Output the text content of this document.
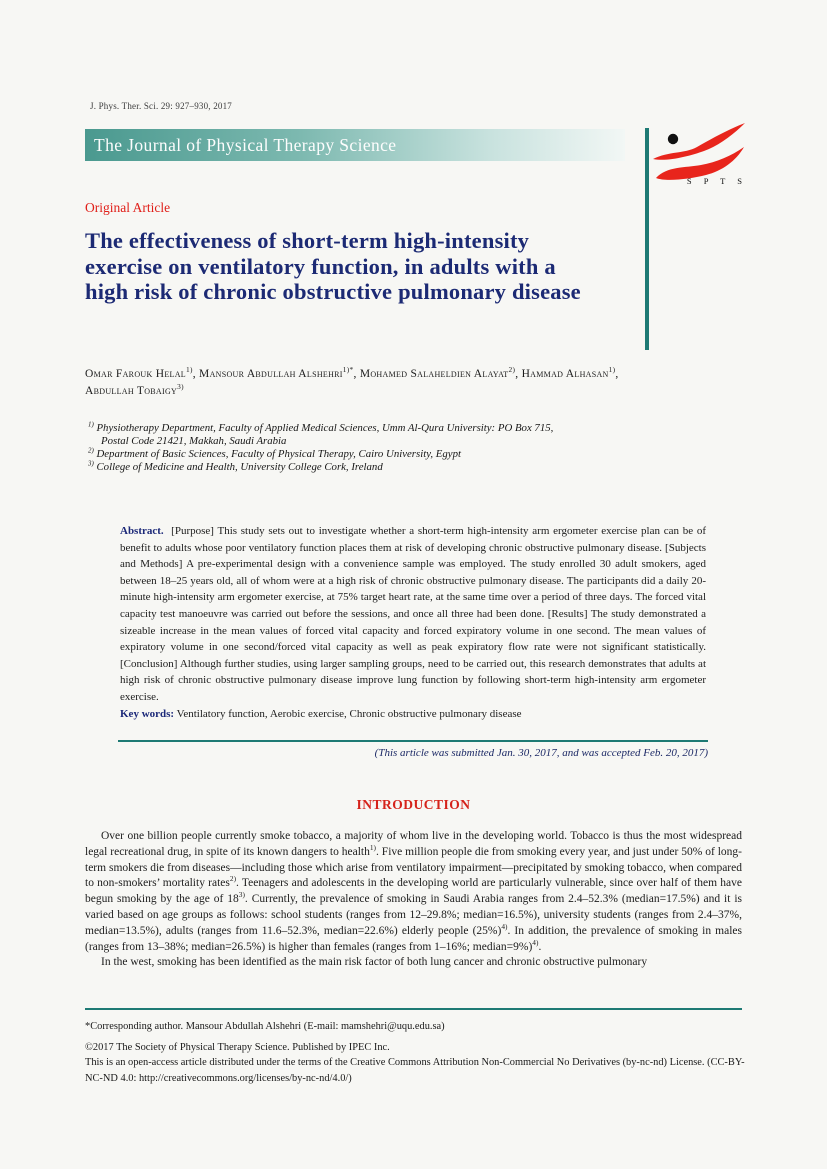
J. Phys. Ther. Sci. 29: 927–930, 2017
The Journal of Physical Therapy Science
S P T S
Original Article
The effectiveness of short-term high-intensity exercise on ventilatory function, in adults with a high risk of chronic obstructive pulmonary disease
Omar Farouk Helal$^{1)}$, Mansour Abdullah Alshehri$^{1)*}$, Mohamed Salaheldien Alayat$^{2)}$, Hammad Alhasan$^{1)}$, Abdullah Tobaigy$^{3)}$
$^{1)}$ Physiotherapy Department, Faculty of Applied Medical Sciences, Umm Al-Qura University: PO Box 715, Postal Code 21421, Makkah, Saudi Arabia
$^{2)}$ Department of Basic Sciences, Faculty of Physical Therapy, Cairo University, Egypt
$^{3)}$ College of Medicine and Health, University College Cork, Ireland

Abstract. [Purpose] This study sets out to investigate whether a short-term high-intensity arm ergometer exercise plan can be of benefit to adults whose poor ventilatory function places them at risk of developing chronic obstructive pulmonary disease. [Subjects and Methods] A pre-experimental design with a convenience sample was employed. The study enrolled 30 adult smokers, aged between 18–25 years old, all of whom were at a high risk of chronic obstructive pulmonary disease. The participants did a daily 20-minute high-intensity arm ergometer exercise, at 75% target heart rate, at the same time over a period of three days. The forced vital capacity test manoeuvre was carried out before the sessions, and once all three had been done. [Results] The study demonstrated a sizeable increase in the mean values of forced vital capacity and forced expiratory volume in one second. The mean values of expiratory volume in one second/forced vital capacity as well as peak expiratory flow rate were not significant statistically. [Conclusion] Although further studies, using larger sampling groups, need to be carried out, this research demonstrates that adults at high risk of chronic obstructive pulmonary disease improve lung function by following short-term high-intensity arm ergometer exercise.

Key words: Ventilatory function, Aerobic exercise, Chronic obstructive pulmonary disease

(This article was submitted Jan. 30, 2017, and was accepted Feb. 20, 2017)
INTRODUCTION

Over one billion people currently smoke tobacco, a majority of whom live in the developing world. Tobacco is thus the most widespread legal recreational drug, in spite of its known dangers to health$^{1)}$. Five million people die from smoking every year, and just under 50% of long-term smokers die from diseases—including those which arise from ventilatory impairment—precipitated by smoking tobacco, when compared to non-smokers’ mortality rates$^{2)}$. Teenagers and adolescents in the developing world are particularly vulnerable, since over half of them have begun smoking by the age of 18$^{3)}$. Currently, the prevalence of smoking in Saudi Arabia ranges from 2.4–52.3% (median=17.5%) and it is varied based on age groups as follows: school students (ranges from 12–29.8%; median=16.5%), university students (ranges from 2.4–37%, median=13.5%), adults (ranges from 11.6–52.3%, median=22.6%) elderly people $(25\%)^{4)}$. In addition, the prevalence of smoking in males (ranges from 13–38%; median=26.5%) is higher than females (ranges from 1–16%; median=9%)$^{4)}$.

In the west, smoking has been identified as the main risk factor of both lung cancer and chronic obstructive pulmonary

*Corresponding author. Mansour Abdullah Alshehri (E-mail: mamshehri@uqu.edu.sa)

©2017 The Society of Physical Therapy Science. Published by IPEC Inc.

This is an open-access article distributed under the terms of the Creative Commons Attribution Non-Commercial No Derivatives (by-nc-nd) License. (CC-BY-NC-ND 4.0: http://creativecommons.org/licenses/by-nc-nd/4.0/)
